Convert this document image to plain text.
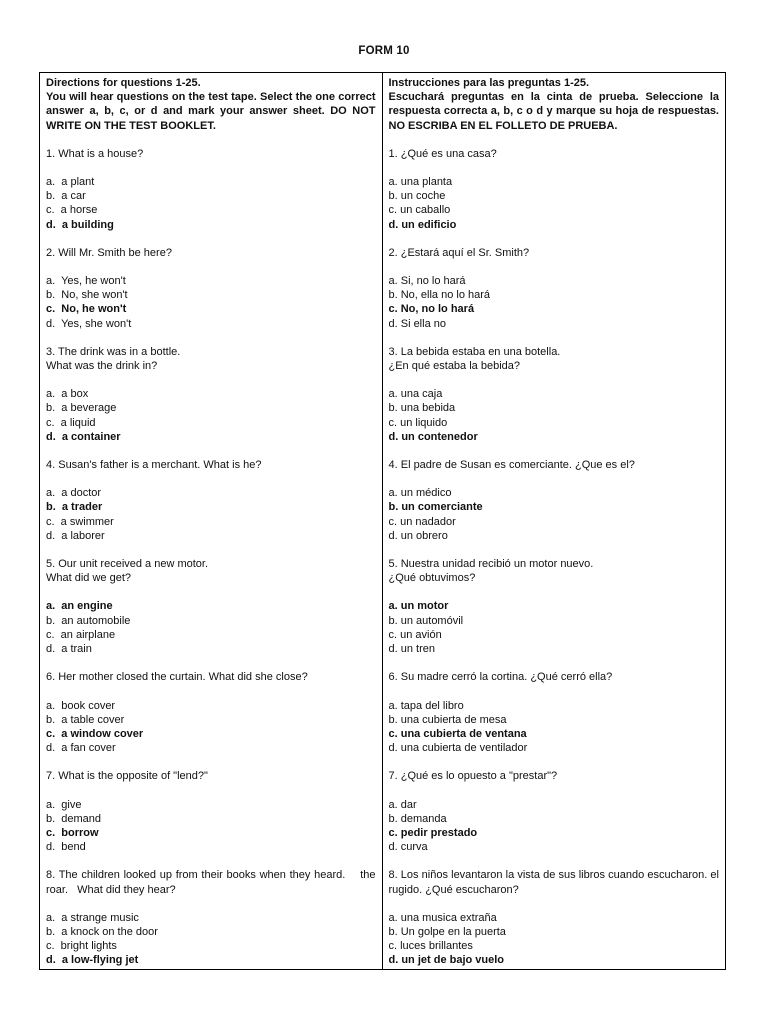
FORM 10
Directions for questions 1-25.
You will hear questions on the test tape. Select the one correct answer a, b, c, or d and mark your answer sheet. DO NOT WRITE ON THE TEST BOOKLET.
1. What is a house?
a.  a plant
b.  a car
c.  a horse
d.  a building
2. Will Mr. Smith be here?
a.  Yes, he won't
b.  No, she won't
c.  No, he won't
d.  Yes, she won't
3. The drink was in a bottle.
What was the drink in?
a.  a box
b.  a beverage
c.  a liquid
d.  a container
4. Susan's father is a merchant. What is he?
a.  a doctor
b.  a trader
c.  a swimmer
d.  a laborer
5. Our unit received a new motor.
What did we get?
a.  an engine
b.  an automobile
c.  an airplane
d.  a train
6. Her mother closed the curtain. What did she close?
a.  book cover
b.  a table cover
c.  a window cover
d.  a fan cover
7. What is the opposite of "lend?"
a.  give
b.  demand
c.  borrow
d.  bend
8. The children looked up from their books when they heard.    the roar.   What did they hear?
a.  a strange music
b.  a knock on the door
c.  bright lights
d.  a low-flying jet
Instrucciones para las preguntas 1-25.
Escuchará preguntas en la cinta de prueba. Seleccione la respuesta correcta a, b, c o d y marque su hoja de respuestas. NO ESCRIBA EN EL FOLLETO DE PRUEBA.
1. ¿Qué es una casa?
a. una planta
b. un coche
c. un caballo
d. un edificio
2. ¿Estará aquí el Sr. Smith?
a. Si, no lo hará
b. No, ella no lo hará
c. No, no lo hará
d. Si ella no
3. La bebida estaba en una botella.
¿En qué estaba la bebida?
a. una caja
b. una bebida
c. un liquido
d. un contenedor
4. El padre de Susan es comerciante. ¿Que es el?
a. un médico
b. un comerciante
c. un nadador
d. un obrero
5. Nuestra unidad recibió un motor nuevo.
¿Qué obtuvimos?
a. un motor
b. un automóvil
c. un avión
d. un tren
6. Su madre cerró la cortina. ¿Qué cerró ella?
a. tapa del libro
b. una cubierta de mesa
c. una cubierta de ventana
d. una cubierta de ventilador
7. ¿Qué es lo opuesto a "prestar"?
a. dar
b. demanda
c. pedir prestado
d. curva
8. Los niños levantaron la vista de sus libros cuando escucharon. el rugido. ¿Qué escucharon?
a. una musica extraña
b. Un golpe en la puerta
c. luces brillantes
d. un jet de bajo vuelo
